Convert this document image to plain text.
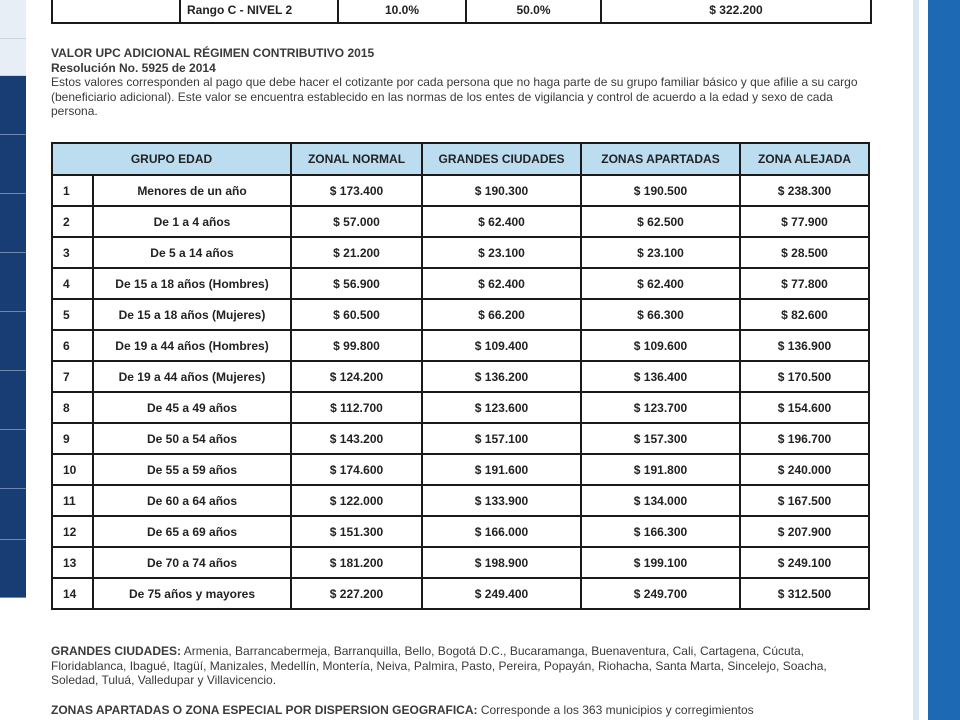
	Rango C - NIVEL 2	10.0%	50.0%	$ 322.200
VALOR UPC ADICIONAL RÉGIMEN CONTRIBUTIVO 2015
Resolución No. 5925 de 2014
Estos valores corresponden al pago que debe hacer el cotizante por cada persona que no haga parte de su grupo familiar básico y que afilie a su cargo (beneficiario adicional). Este valor se encuentra establecido en las normas de los entes de vigilancia y control de acuerdo a la edad y sexo de cada persona.
GRUPO EDAD		ZONAL NORMAL	GRANDES CIUDADES	ZONAS APARTADAS	ZONA ALEJADA
1	Menores de un año	$ 173.400	$ 190.300	$ 190.500	$ 238.300
2	De 1 a 4 años	$ 57.000	$ 62.400	$ 62.500	$ 77.900
3	De 5 a 14 años	$ 21.200	$ 23.100	$ 23.100	$ 28.500
4	De 15 a 18 años (Hombres)	$ 56.900	$ 62.400	$ 62.400	$ 77.800
5	De 15 a 18 años (Mujeres)	$ 60.500	$ 66.200	$ 66.300	$ 82.600
6	De 19 a 44 años (Hombres)	$ 99.800	$ 109.400	$ 109.600	$ 136.900
7	De 19 a 44 años (Mujeres)	$ 124.200	$ 136.200	$ 136.400	$ 170.500
8	De 45 a 49 años	$ 112.700	$ 123.600	$ 123.700	$ 154.600
9	De 50 a 54 años	$ 143.200	$ 157.100	$ 157.300	$ 196.700
10	De 55 a 59 años	$ 174.600	$ 191.600	$ 191.800	$ 240.000
11	De 60 a 64 años	$ 122.000	$ 133.900	$ 134.000	$ 167.500
12	De 65 a 69 años	$ 151.300	$ 166.000	$ 166.300	$ 207.900
13	De 70 a 74 años	$ 181.200	$ 198.900	$ 199.100	$ 249.100
14	De 75 años y mayores	$ 227.200	$ 249.400	$ 249.700	$ 312.500
GRANDES CIUDADES: Armenia, Barrancabermeja, Barranquilla, Bello, Bogotá D.C., Bucaramanga, Buenaventura, Cali, Cartagena, Cúcuta, Floridablanca, Ibagué, Itagüí, Manizales, Medellín, Montería, Neiva, Palmira, Pasto, Pereira, Popayán, Riohacha, Santa Marta, Sincelejo, Soacha, Soledad, Tuluá, Valledupar y Villavicencio.
ZONAS APARTADAS O ZONA ESPECIAL POR DISPERSION GEOGRAFICA: Corresponde a los 363 municipios y corregimientos
